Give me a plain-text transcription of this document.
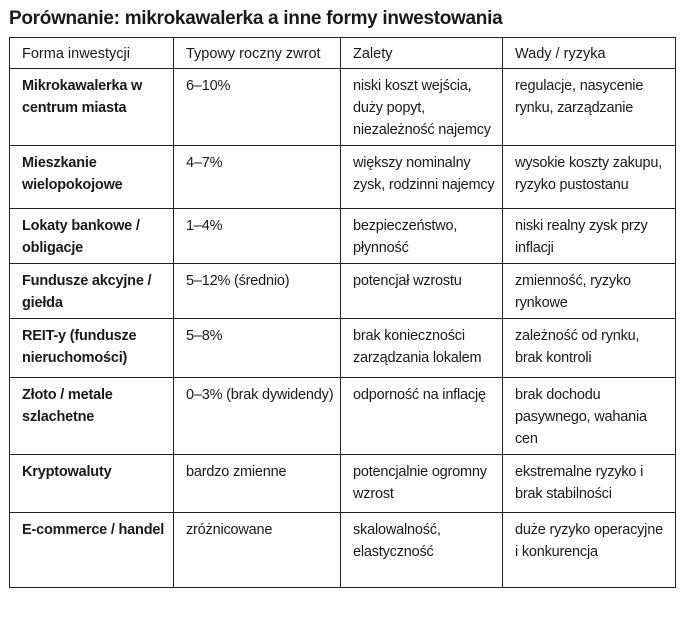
Porównanie: mikrokawalerka a inne formy inwestowania
Forma inwestycji	Typowy roczny zwrot	Zalety	Wady / ryzyka
Mikrokawalerka w centrum miasta	6–10%	niski koszt wejścia, duży popyt, niezależność najemcy	regulacje, nasycenie rynku, zarządzanie
Mieszkanie wielopokojowe	4–7%	większy nominalny zysk, rodzinni najemcy	wysokie koszty zakupu, ryzyko pustostanu
Lokaty bankowe / obligacje	1–4%	bezpieczeństwo, płynność	niski realny zysk przy inflacji
Fundusze akcyjne / giełda	5–12% (średnio)	potencjał wzrostu	zmienność, ryzyko rynkowe
REIT-y (fundusze nieruchomości)	5–8%	brak konieczności zarządzania lokalem	zależność od rynku, brak kontroli
Złoto / metale szlachetne	0–3% (brak dywidendy)	odporność na inflację	brak dochodu pasywnego, wahania cen
Kryptowaluty	bardzo zmienne	potencjalnie ogromny wzrost	ekstremalne ryzyko i brak stabilności
E-commerce / handel	zróżnicowane	skalowalność, elastyczność	duże ryzyko operacyjne i konkurencja
